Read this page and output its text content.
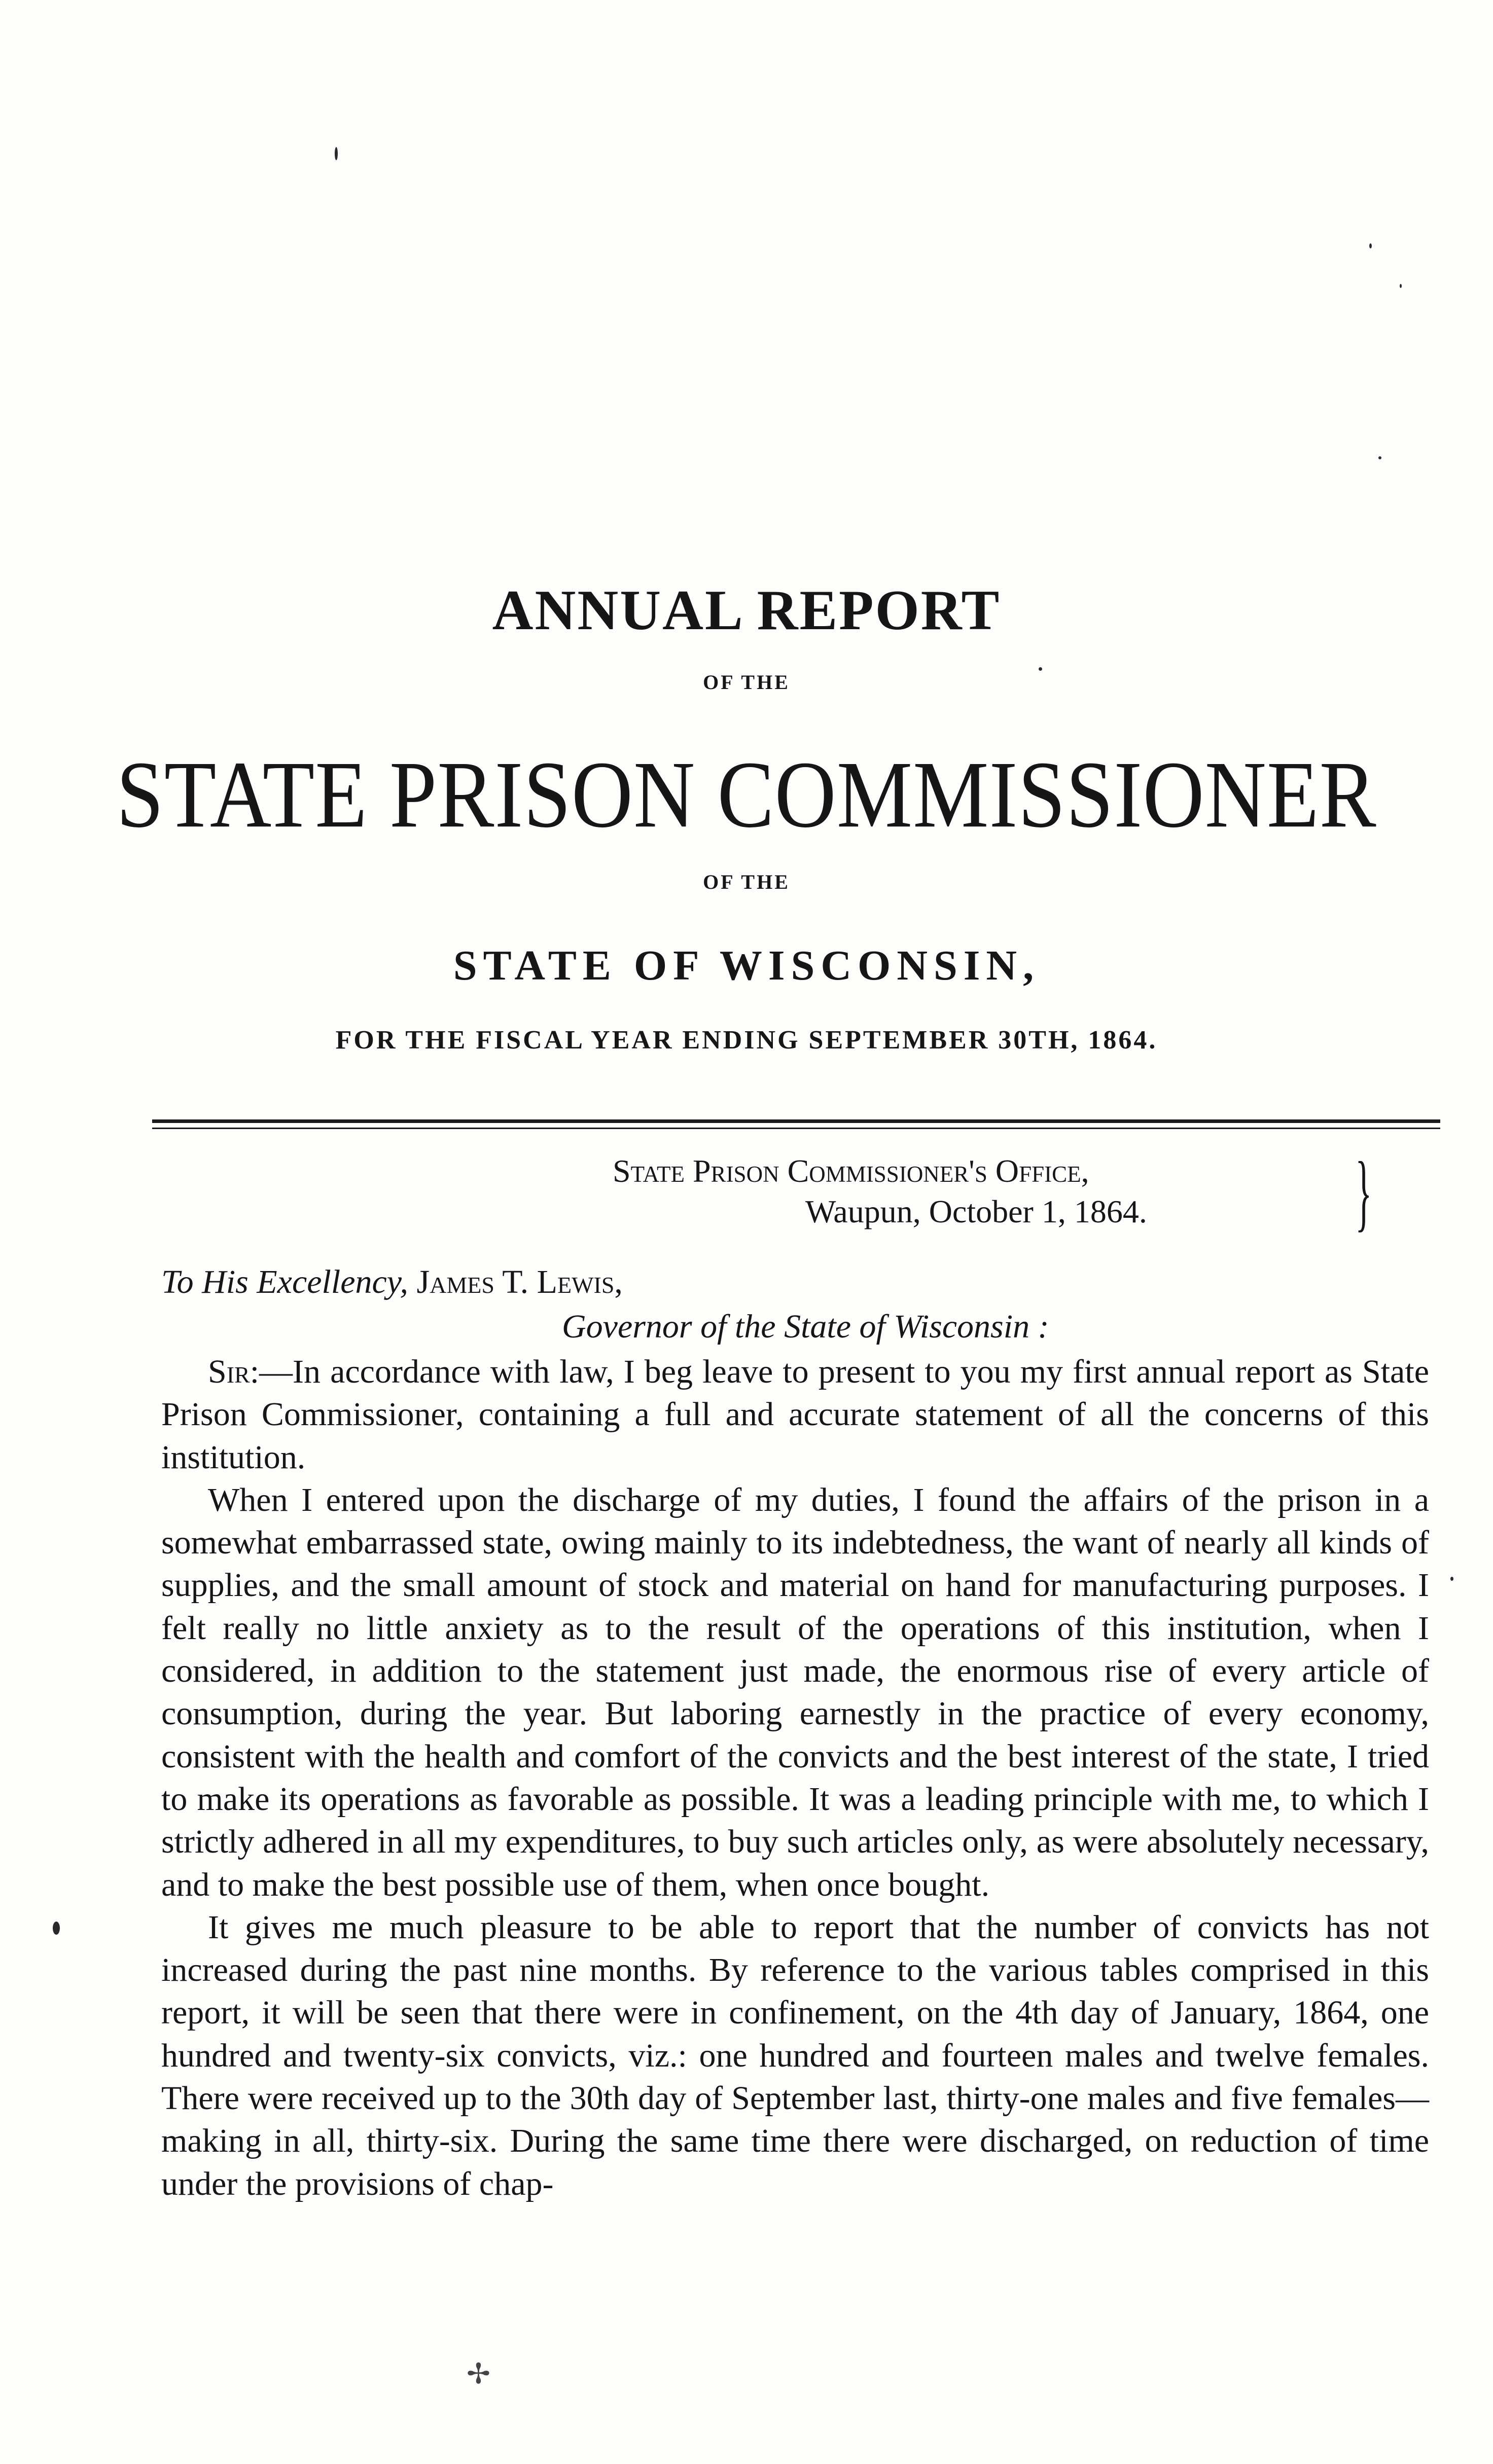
ANNUAL REPORT
OF THE
STATE PRISON COMMISSIONER
OF THE
STATE OF WISCONSIN,
FOR THE FISCAL YEAR ENDING SEPTEMBER 30TH, 1864.
State Prison Commissioner's Office,
Waupun, October 1, 1864.	}
To His Excellency, James T. Lewis,
Governor of the State of Wisconsin :

Sir:—In accordance with law, I beg leave to present to you my first annual report as State Prison Commissioner, containing a full and accurate statement of all the concerns of this institution.

When I entered upon the discharge of my duties, I found the affairs of the prison in a somewhat embarrassed state, owing mainly to its indebtedness, the want of nearly all kinds of supplies, and the small amount of stock and material on hand for manufacturing purposes. I felt really no little anxiety as to the result of the operations of this institution, when I considered, in addition to the statement just made, the enormous rise of every article of consumption, during the year. But laboring earnestly in the practice of every economy, consistent with the health and comfort of the convicts and the best interest of the state, I tried to make its operations as favorable as possible. It was a leading principle with me, to which I strictly adhered in all my expenditures, to buy such articles only, as were absolutely necessary, and to make the best possible use of them, when once bought.

It gives me much pleasure to be able to report that the number of convicts has not increased during the past nine months. By reference to the various tables comprised in this report, it will be seen that there were in confinement, on the 4th day of January, 1864, one hundred and twenty-six convicts, viz.: one hundred and fourteen males and twelve females. There were received up to the 30th day of September last, thirty-one males and five females—making in all, thirty-six. During the same time there were discharged, on reduction of time under the provisions of chap-

✢
